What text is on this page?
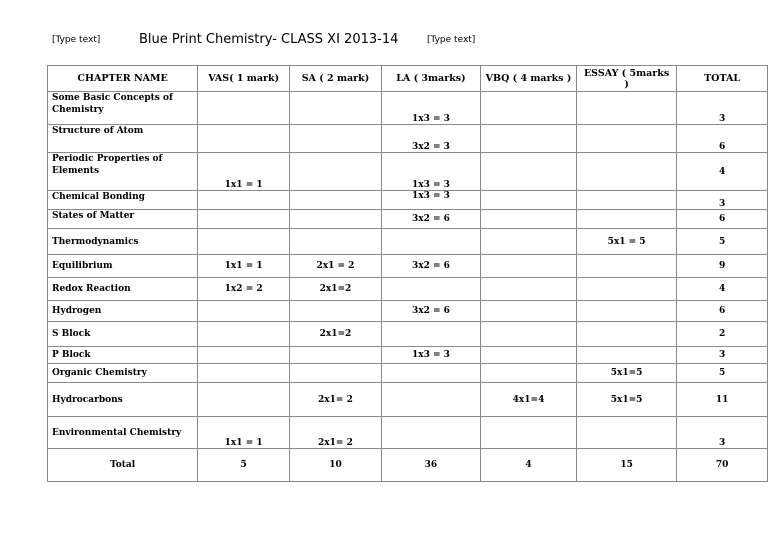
[Type text]	Blue Print Chemistry- CLASS XI 2013-14	[Type text]
CHAPTER NAME	VAS( 1 mark)	SA ( 2 mark)	LA ( 3marks)	VBQ ( 4 marks )	ESSAY ( 5marks )	TOTAL
Some Basic Concepts of Chemistry			1x3 = 3			3
Structure of Atom			3x2 = 3			6
Periodic Properties of Elements	1x1 = 1		1x3 = 3			4
Chemical Bonding			1x3 = 3			3
States of Matter			3x2 = 6			6
Thermodynamics					5x1 = 5	5
Equilibrium	1x1 = 1	2x1 = 2	3x2 = 6			9
Redox Reaction	1x2 = 2	2x1=2				4
Hydrogen			3x2 = 6			6
S Block		2x1=2				2
P Block			1x3 = 3			3
Organic Chemistry					5x1=5	5
Hydrocarbons		2x1= 2		4x1=4	5x1=5	11
Environmental Chemistry	1x1 = 1	2x1= 2				3
Total	5	10	36	4	15	70
